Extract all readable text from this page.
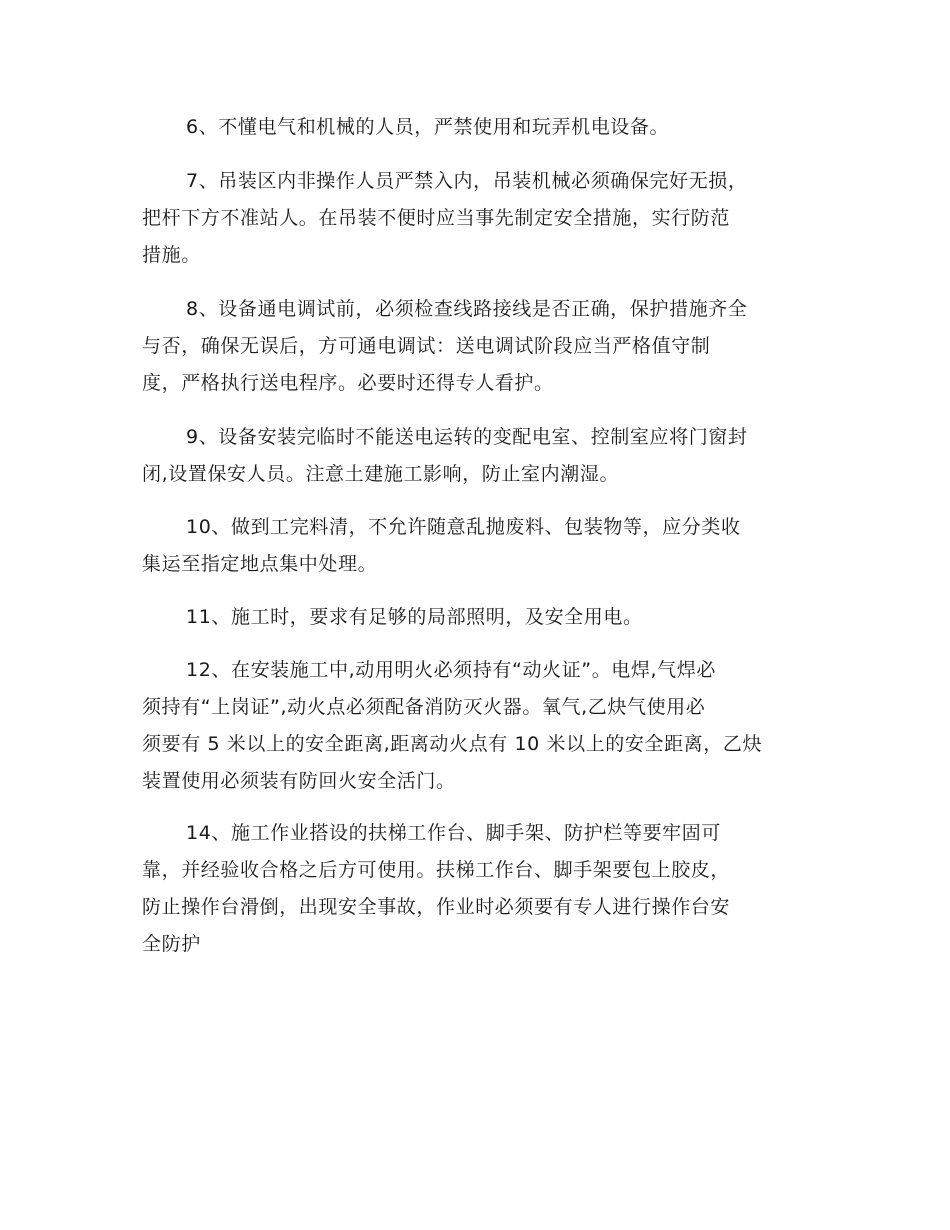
6、不懂电气和机械的人员，严禁使用和玩弄机电设备。
7、吊装区内非操作人员严禁入内，吊装机械必须确保完好无损，
把杆下方不准站人。在吊装不便时应当事先制定安全措施，实行防范
措施。
8、设备通电调试前，必须检查线路接线是否正确，保护措施齐全
与否，确保无误后，方可通电调试：送电调试阶段应当严格值守制
度，严格执行送电程序。必要时还得专人看护。
9、设备安装完临时不能送电运转的变配电室、控制室应将门窗封
闭,设置保安人员。注意土建施工影响，防止室内潮湿。
10、做到工完料清，不允许随意乱抛废料、包装物等，应分类收
集运至指定地点集中处理。
11、施工时，要求有足够的局部照明，及安全用电。
12、在安装施工中,动用明火必须持有“动火证”。电焊,气焊必
须持有“上岗证”,动火点必须配备消防灭火器。氧气,乙炔气使用必
须要有 5 米以上的安全距离,距离动火点有 10 米以上的安全距离，乙炔
装置使用必须装有防回火安全活门。
14、施工作业搭设的扶梯工作台、脚手架、防护栏等要牢固可
靠，并经验收合格之后方可使用。扶梯工作台、脚手架要包上胶皮，
防止操作台滑倒，出现安全事故，作业时必须要有专人进行操作台安
全防护
